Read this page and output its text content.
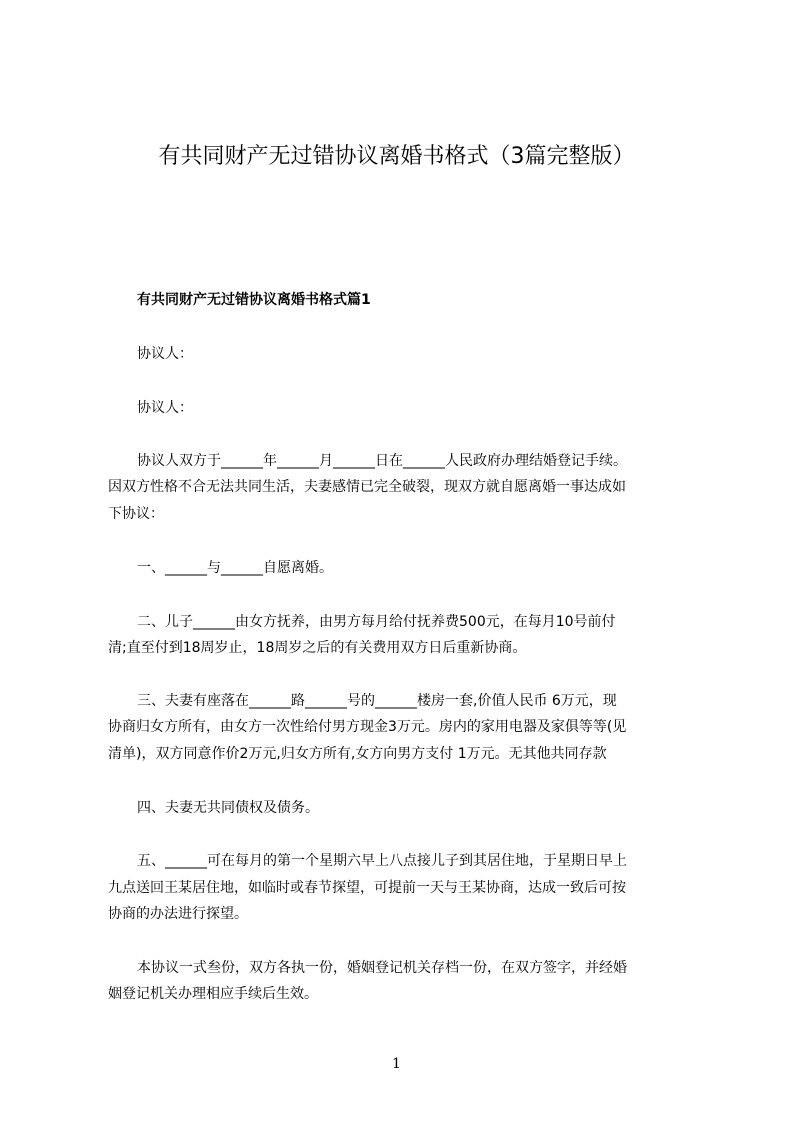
有共同财产无过错协议离婚书格式（3篇完整版）
有共同财产无过错协议离婚书格式篇1

协议人：

协议人：

协议人双方于______年______月______日在______人民政府办理结婚登记手续。

因双方性格不合无法共同生活，夫妻感情已完全破裂，现双方就自愿离婚一事达成如

下协议：

一、______与______自愿离婚。

二、儿子______由女方抚养，由男方每月给付抚养费500元，在每月10号前付

清;直至付到18周岁止，18周岁之后的有关费用双方日后重新协商。

三、夫妻有座落在______路______号的______楼房一套,价值人民币 6万元，现

协商归女方所有，由女方一次性给付男方现金3万元。房内的家用电器及家俱等等(见

清单)，双方同意作价2万元,归女方所有,女方向男方支付 1万元。无其他共同存款

四、夫妻无共同债权及债务。

五、______可在每月的第一个星期六早上八点接儿子到其居住地，于星期日早上

九点送回王某居住地，如临时或春节探望，可提前一天与王某协商，达成一致后可按

协商的办法进行探望。

本协议一式叁份，双方各执一份，婚姻登记机关存档一份，在双方签字，并经婚

姻登记机关办理相应手续后生效。

1
